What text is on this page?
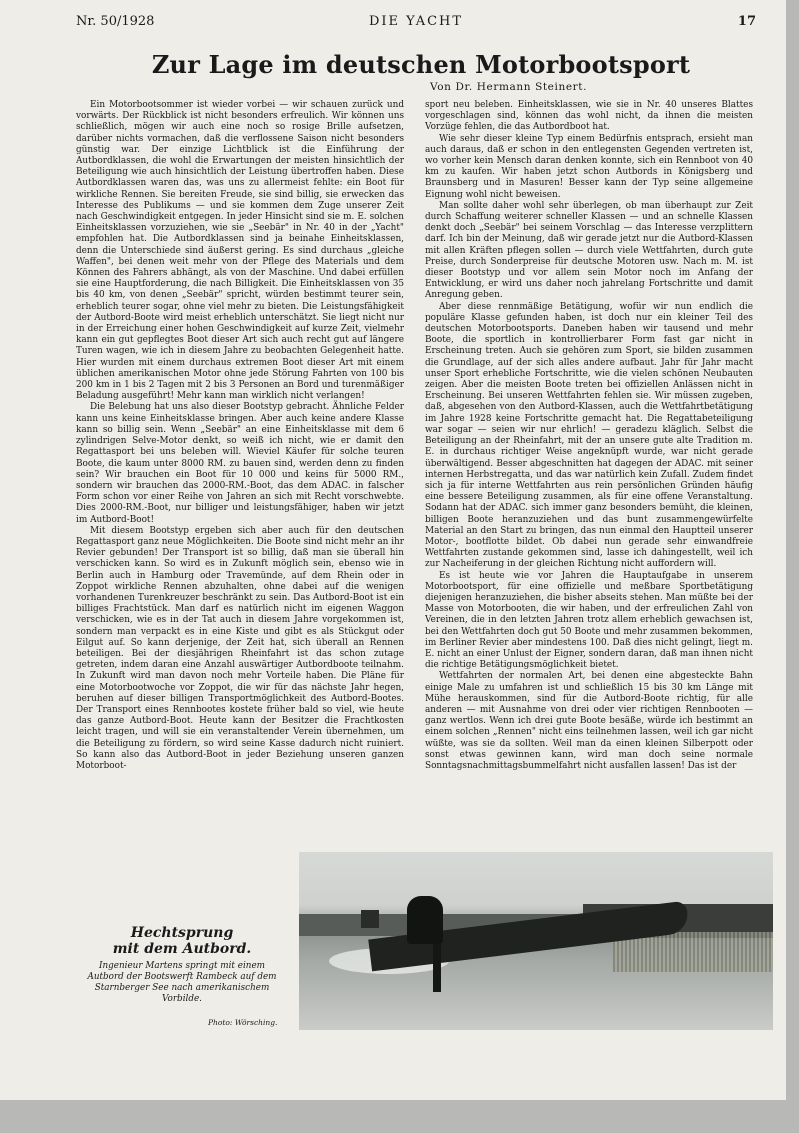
Nr. 50/1928	DIE YACHT	17
Zur Lage im deutschen Motorbootsport
Von Dr. Hermann Steinert.

Ein Motorbootsommer ist wieder vorbei — wir schauen zurück und vorwärts. Der Rückblick ist nicht besonders erfreulich. Wir können uns schließlich, mögen wir auch eine noch so rosige Brille aufsetzen, darüber nichts vormachen, daß die verflossene Saison nicht besonders günstig war. Der einzige Lichtblick ist die Einführung der Autbordklassen, die wohl die Erwartungen der meisten hinsichtlich der Beteiligung wie auch hinsichtlich der Leistung übertroffen haben. Diese Autbordklassen waren das, was uns zu allermeist fehlte: ein Boot für wirkliche Rennen. Sie bereiten Freude, sie sind billig, sie erwecken das Interesse des Publikums — und sie kommen dem Zuge unserer Zeit nach Geschwindigkeit entgegen. In jeder Hinsicht sind sie m. E. solchen Einheitsklassen vorzuziehen, wie sie „Seebär" in Nr. 40 in der „Yacht" empfohlen hat. Die Autbordklassen sind ja beinahe Einheitsklassen, denn die Unterschiede sind äußerst gering. Es sind durchaus „gleiche Waffen", bei denen weit mehr von der Pflege des Materials und dem Können des Fahrers abhängt, als von der Maschine. Und dabei erfüllen sie eine Hauptforderung, die nach Billigkeit. Die Einheitsklassen von 35 bis 40 km, von denen „Seebär" spricht, würden bestimmt teurer sein, erheblich teurer sogar, ohne viel mehr zu bieten. Die Leistungsfähigkeit der Autbord-Boote wird meist erheblich unterschätzt. Sie liegt nicht nur in der Erreichung einer hohen Geschwindigkeit auf kurze Zeit, vielmehr kann ein gut gepflegtes Boot dieser Art sich auch recht gut auf längere Turen wagen, wie ich in diesem Jahre zu beobachten Gelegenheit hatte. Hier wurden mit einem durchaus extremen Boot dieser Art mit einem üblichen amerikanischen Motor ohne jede Störung Fahrten von 100 bis 200 km in 1 bis 2 Tagen mit 2 bis 3 Personen an Bord und turenmäßiger Beladung ausgeführt! Mehr kann man wirklich nicht verlangen!

Die Belebung hat uns also dieser Bootstyp gebracht. Ähnliche Felder kann uns keine Einheitsklasse bringen. Aber auch keine andere Klasse kann so billig sein. Wenn „Seebär" an eine Einheitsklasse mit dem 6 zylindrigen Selve-Motor denkt, so weiß ich nicht, wie er damit den Regattasport bei uns beleben will. Wieviel Käufer für solche teuren Boote, die kaum unter 8000 RM. zu bauen sind, werden denn zu finden sein? Wir brauchen ein Boot für 10 000 und keins für 5000 RM., sondern wir brauchen das 2000-RM.-Boot, das dem ADAC. in falscher Form schon vor einer Reihe von Jahren an sich mit Recht vorschwebte. Dies 2000-RM.-Boot, nur billiger und leistungsfähiger, haben wir jetzt im Autbord-Boot!

Mit diesem Bootstyp ergeben sich aber auch für den deutschen Regattasport ganz neue Möglichkeiten. Die Boote sind nicht mehr an ihr Revier gebunden! Der Transport ist so billig, daß man sie überall hin verschicken kann. So wird es in Zukunft möglich sein, ebenso wie in Berlin auch in Hamburg oder Travemünde, auf dem Rhein oder in Zoppot wirkliche Rennen abzuhalten, ohne dabei auf die wenigen vorhandenen Turenkreuzer beschränkt zu sein. Das Autbord-Boot ist ein billiges Frachtstück. Man darf es natürlich nicht im eigenen Waggon verschicken, wie es in der Tat auch in diesem Jahre vorgekommen ist, sondern man verpackt es in eine Kiste und gibt es als Stückgut oder Eilgut auf. So kann derjenige, der Zeit hat, sich überall an Rennen beteiligen. Bei der diesjährigen Rheinfahrt ist das schon zutage getreten, indem daran eine Anzahl auswärtiger Autbordboote teilnahm. In Zukunft wird man davon noch mehr Vorteile haben. Die Pläne für eine Motorbootwoche vor Zoppot, die wir für das nächste Jahr hegen, beruhen auf dieser billigen Transportmöglichkeit des Autbord-Bootes. Der Transport eines Rennbootes kostete früher bald so viel, wie heute das ganze Autbord-Boot. Heute kann der Besitzer die Frachtkosten leicht tragen, und will sie ein veranstaltender Verein übernehmen, um die Beteiligung zu fördern, so wird seine Kasse dadurch nicht ruiniert. So kann also das Autbord-Boot in jeder Beziehung unseren ganzen Motorboot-

sport neu beleben. Einheitsklassen, wie sie in Nr. 40 unseres Blattes vorgeschlagen sind, können das wohl nicht, da ihnen die meisten Vorzüge fehlen, die das Autbordboot hat.

Wie sehr dieser kleine Typ einem Bedürfnis entsprach, ersieht man auch daraus, daß er schon in den entlegensten Gegenden vertreten ist, wo vorher kein Mensch daran denken konnte, sich ein Rennboot von 40 km zu kaufen. Wir haben jetzt schon Autbords in Königsberg und Braunsberg und in Masuren! Besser kann der Typ seine allgemeine Eignung wohl nicht beweisen.

Man sollte daher wohl sehr überlegen, ob man überhaupt zur Zeit durch Schaffung weiterer schneller Klassen — und an schnelle Klassen denkt doch „Seebär" bei seinem Vorschlag — das Interesse verzplittern darf. Ich bin der Meinung, daß wir gerade jetzt nur die Autbord-Klassen mit allen Kräften pflegen sollen — durch viele Wettfahrten, durch gute Preise, durch Sonderpreise für deutsche Motoren usw. Nach m. M. ist dieser Bootstyp und vor allem sein Motor noch im Anfang der Entwicklung, er wird uns daher noch jahrelang Fortschritte und damit Anregung geben.

Aber diese rennmäßige Betätigung, wofür wir nun endlich die populäre Klasse gefunden haben, ist doch nur ein kleiner Teil des deutschen Motorbootsports. Daneben haben wir tausend und mehr Boote, die sportlich in kontrollierbarer Form fast gar nicht in Erscheinung treten. Auch sie gehören zum Sport, sie bilden zusammen die Grundlage, auf der sich alles andere aufbaut. Jahr für Jahr macht unser Sport erhebliche Fortschritte, wie die vielen schönen Neubauten zeigen. Aber die meisten Boote treten bei offiziellen Anlässen nicht in Erscheinung. Bei unseren Wettfahrten fehlen sie. Wir müssen zugeben, daß, abgesehen von den Autbord-Klassen, auch die Wettfahrtbetätigung im Jahre 1928 keine Fortschritte gemacht hat. Die Regattabeteiligung war sogar — seien wir nur ehrlich! — geradezu kläglich. Selbst die Beteiligung an der Rheinfahrt, mit der an unsere gute alte Tradition m. E. in durchaus richtiger Weise angeknüpft wurde, war nicht gerade überwältigend. Besser abgeschnitten hat dagegen der ADAC. mit seiner internen Herbstregatta, und das war natürlich kein Zufall. Zudem findet sich ja für interne Wettfahrten aus rein persönlichen Gründen häufig eine bessere Beteiligung zusammen, als für eine offene Veranstaltung. Sodann hat der ADAC. sich immer ganz besonders bemüht, die kleinen, billigen Boote heranzuziehen und das bunt zusammengewürfelte Material an den Start zu bringen, das nun einmal den Hauptteil unserer Motor-, bootflotte bildet. Ob dabei nun gerade sehr einwandfreie Wettfahrten zustande gekommen sind, lasse ich dahingestellt, weil ich zur Nacheiferung in der gleichen Richtung nicht auffordern will.

Es ist heute wie vor Jahren die Hauptaufgabe in unserem Motorbootsport, für eine offizielle und meßbare Sportbetätigung diejenigen heranzuziehen, die bisher abseits stehen. Man müßte bei der Masse von Motorbooten, die wir haben, und der erfreulichen Zahl von Vereinen, die in den letzten Jahren trotz allem erheblich gewachsen ist, bei den Wettfahrten doch gut 50 Boote und mehr zusammen bekommen, im Berliner Revier aber mindestens 100. Daß dies nicht gelingt, liegt m. E. nicht an einer Unlust der Eigner, sondern daran, daß man ihnen nicht die richtige Betätigungsmöglichkeit bietet.

Wettfahrten der normalen Art, bei denen eine abgesteckte Bahn einige Male zu umfahren ist und schließlich 15 bis 30 km Länge mit Mühe herauskommen, sind für die Autbord-Boote richtig, für alle anderen — mit Ausnahme von drei oder vier richtigen Rennbooten — ganz wertlos. Wenn ich drei gute Boote besäße, würde ich bestimmt an einem solchen „Rennen" nicht eins teilnehmen lassen, weil ich gar nicht wüßte, was sie da sollten. Weil man da einen kleinen Silberpott oder sonst etwas gewinnen kann, wird man doch seine normale Sonntagsnachmittagsbummelfahrt nicht ausfallen lassen! Das ist der

Hechtsprung
mit dem Autbord.
Ingenieur Martens springt mit einem Autbord der Bootswerft Rambeck auf dem Starnberger See nach amerikanischem Vorbilde.
Photo: Wörsching.
